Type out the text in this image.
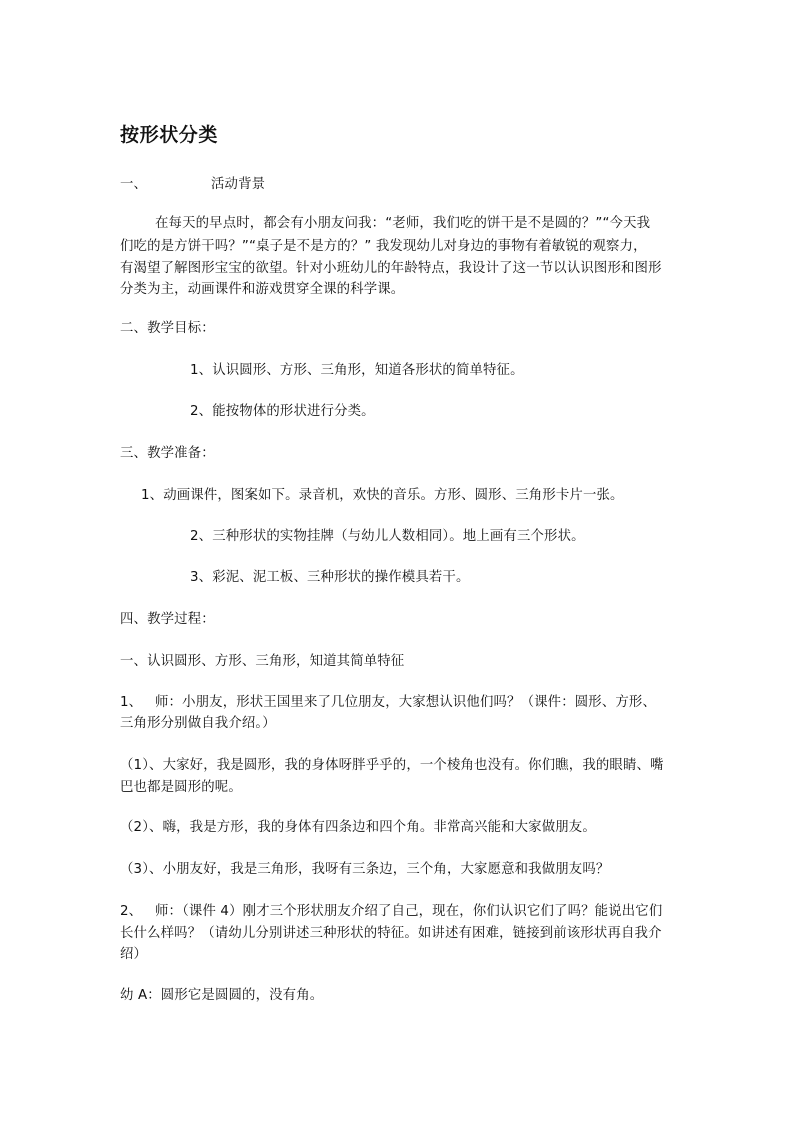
按形状分类
一、	活动背景
在每天的早点时，都会有小朋友问我：“老师，我们吃的饼干是不是圆的？”“今天我
们吃的是方饼干吗？”“桌子是不是方的？” 我发现幼儿对身边的事物有着敏锐的观察力，
有渴望了解图形宝宝的欲望。针对小班幼儿的年龄特点，我设计了这一节以认识图形和图形
分类为主，动画课件和游戏贯穿全课的科学课。
二、教学目标：
1、认识圆形、方形、三角形，知道各形状的简单特征。
2、能按物体的形状进行分类。
三、教学准备：
1、动画课件，图案如下。录音机，欢快的音乐。方形、圆形、三角形卡片一张。
2、三种形状的实物挂牌（与幼儿人数相同）。地上画有三个形状。
3、彩泥、泥工板、三种形状的操作模具若干。
四、教学过程：
一、认识圆形、方形、三角形，知道其简单特征
1、 师：小朋友，形状王国里来了几位朋友，大家想认识他们吗？（课件：圆形、方形、
三角形分别做自我介绍。）
（1）、大家好，我是圆形，我的身体呀胖乎乎的，一个棱角也没有。你们瞧，我的眼睛、嘴
巴也都是圆形的呢。
（2）、嗨，我是方形，我的身体有四条边和四个角。非常高兴能和大家做朋友。
（3）、小朋友好，我是三角形，我呀有三条边，三个角，大家愿意和我做朋友吗？
2、 师：（课件 4）刚才三个形状朋友介绍了自己，现在，你们认识它们了吗？能说出它们
长什么样吗？（请幼儿分别讲述三种形状的特征。如讲述有困难，链接到前该形状再自我介
绍）
幼 A：圆形它是圆圆的，没有角。
